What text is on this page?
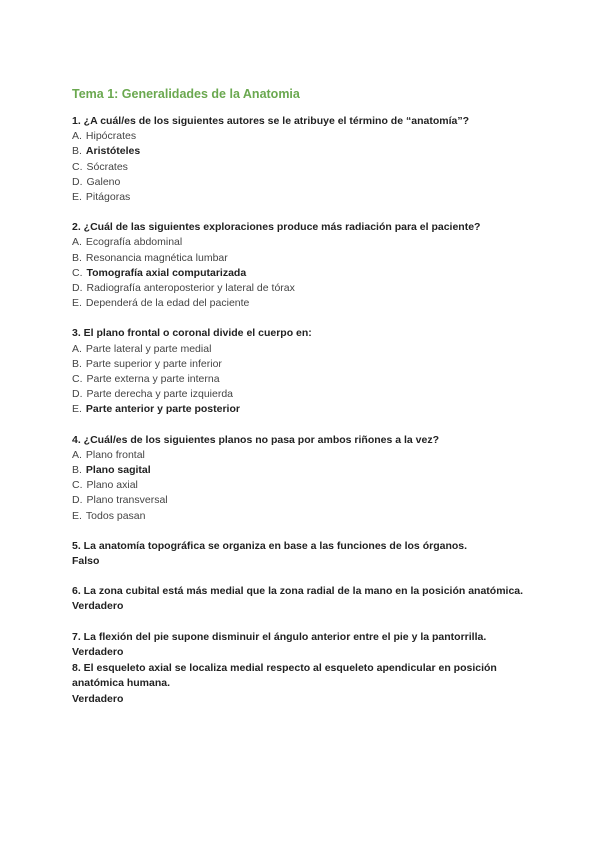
Tema 1: Generalidades de la Anatomia
1. ¿A cuál/es de los siguientes autores se le atribuye el término de “anatomía”?
A. Hipócrates
B. Aristóteles
C. Sócrates
D. Galeno
E. Pitágoras
2. ¿Cuál de las siguientes exploraciones produce más radiación para el paciente?
A. Ecografía abdominal
B. Resonancia magnética lumbar
C. Tomografía axial computarizada
D. Radiografía anteroposterior y lateral de tórax
E. Dependerá de la edad del paciente
3. El plano frontal o coronal divide el cuerpo en:
A. Parte lateral y parte medial
B. Parte superior y parte inferior
C. Parte externa y parte interna
D. Parte derecha y parte izquierda
E. Parte anterior y parte posterior
4. ¿Cuál/es de los siguientes planos no pasa por ambos riñones a la vez?
A. Plano frontal
B. Plano sagital
C. Plano axial
D. Plano transversal
E. Todos pasan
5. La anatomía topográfica se organiza en base a las funciones de los órganos.
Falso
6. La zona cubital está más medial que la zona radial de la mano en la posición anatómica.
Verdadero
7. La flexión del pie supone disminuir el ángulo anterior entre el pie y la pantorrilla.
Verdadero
8. El esqueleto axial se localiza medial respecto al esqueleto apendicular en posición anatómica humana.
Verdadero
